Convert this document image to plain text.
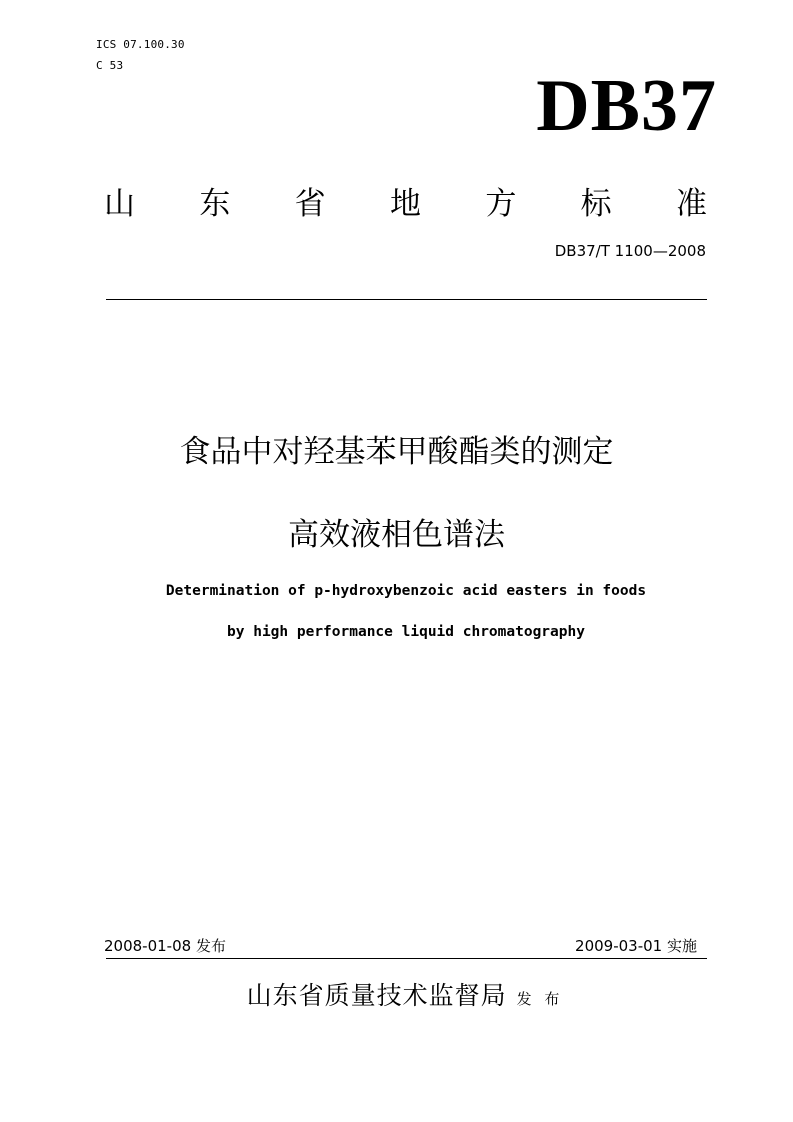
ICS 07.100.30
C 53	DB37
山 东 省 地 方 标 准
DB37/T 1100—2008
食品中对羟基苯甲酸酯类的测定
高效液相色谱法
Determination of p-hydroxybenzoic acid easters in foods
by high performance liquid chromatography
2008-01-08 发布	2009-03-01 实施
山东省质量技术监督局 发 布
